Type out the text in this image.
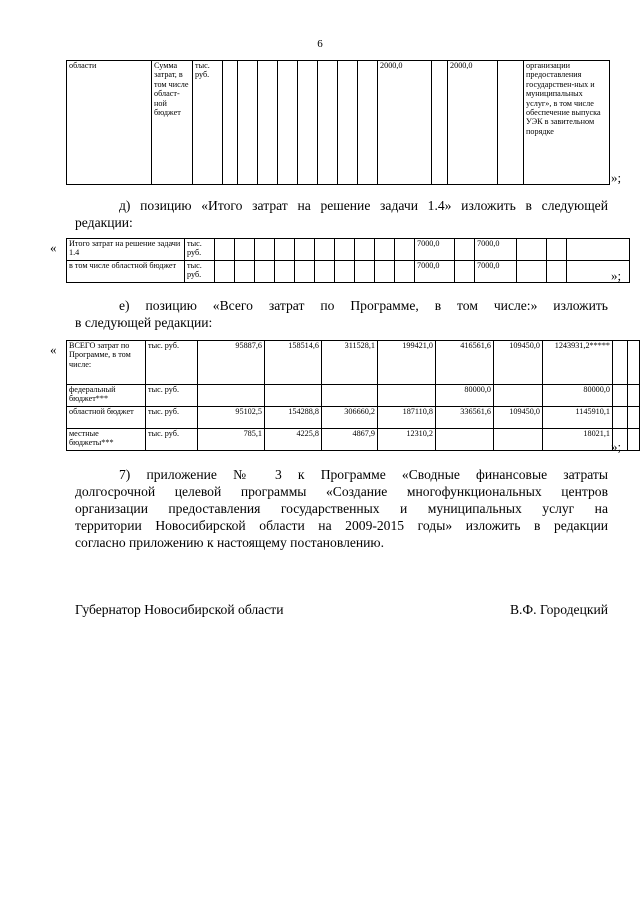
6
области	Сумма затрат, в том числе област-ной бюджет	тыс. руб.									2000,0		2000,0		организации предоставления государствен-ных и муниципальных услуг», в том числе обеспечение выпуска УЭК в завительном порядке
»;
д) позицию «Итого затрат на решение задачи 1.4» изложить в следующей
редакции:
« Итого затрат на решение задачи 1.4	тыс. руб.											7000,0		7000,0			
в том числе областной бюджет	тыс. руб.											7000,0		7000,0			
»;
е) позицию «Всего затрат по Программе, в том числе:» изложить
в следующей редакции:
« ВСЕГО затрат по Программе, в том числе:	тыс. руб.	95887,6	158514,6	311528,1	199421,0	416561,6	109450,0	1243931,2*****		
федеральный бюджет***	тыс. руб.					80000,0		80000,0		
областной бюджет	тыс. руб.	95102,5	154288,8	306660,2	187110,8	336561,6	109450,0	1145910,1		
местные бюджеты***	тыс. руб.	785,1	4225,8	4867,9	12310,2			18021,1		
»;
7) приложение № 3 к Программе «Сводные финансовые затраты
долгосрочной целевой программы «Создание многофункциональных центров
организации предоставления государственных и муниципальных услуг на
территории Новосибирской области на 2009-2015 годы» изложить в редакции
согласно приложению к настоящему постановлению.
Губернатор Новосибирской области	В.Ф. Городецкий
